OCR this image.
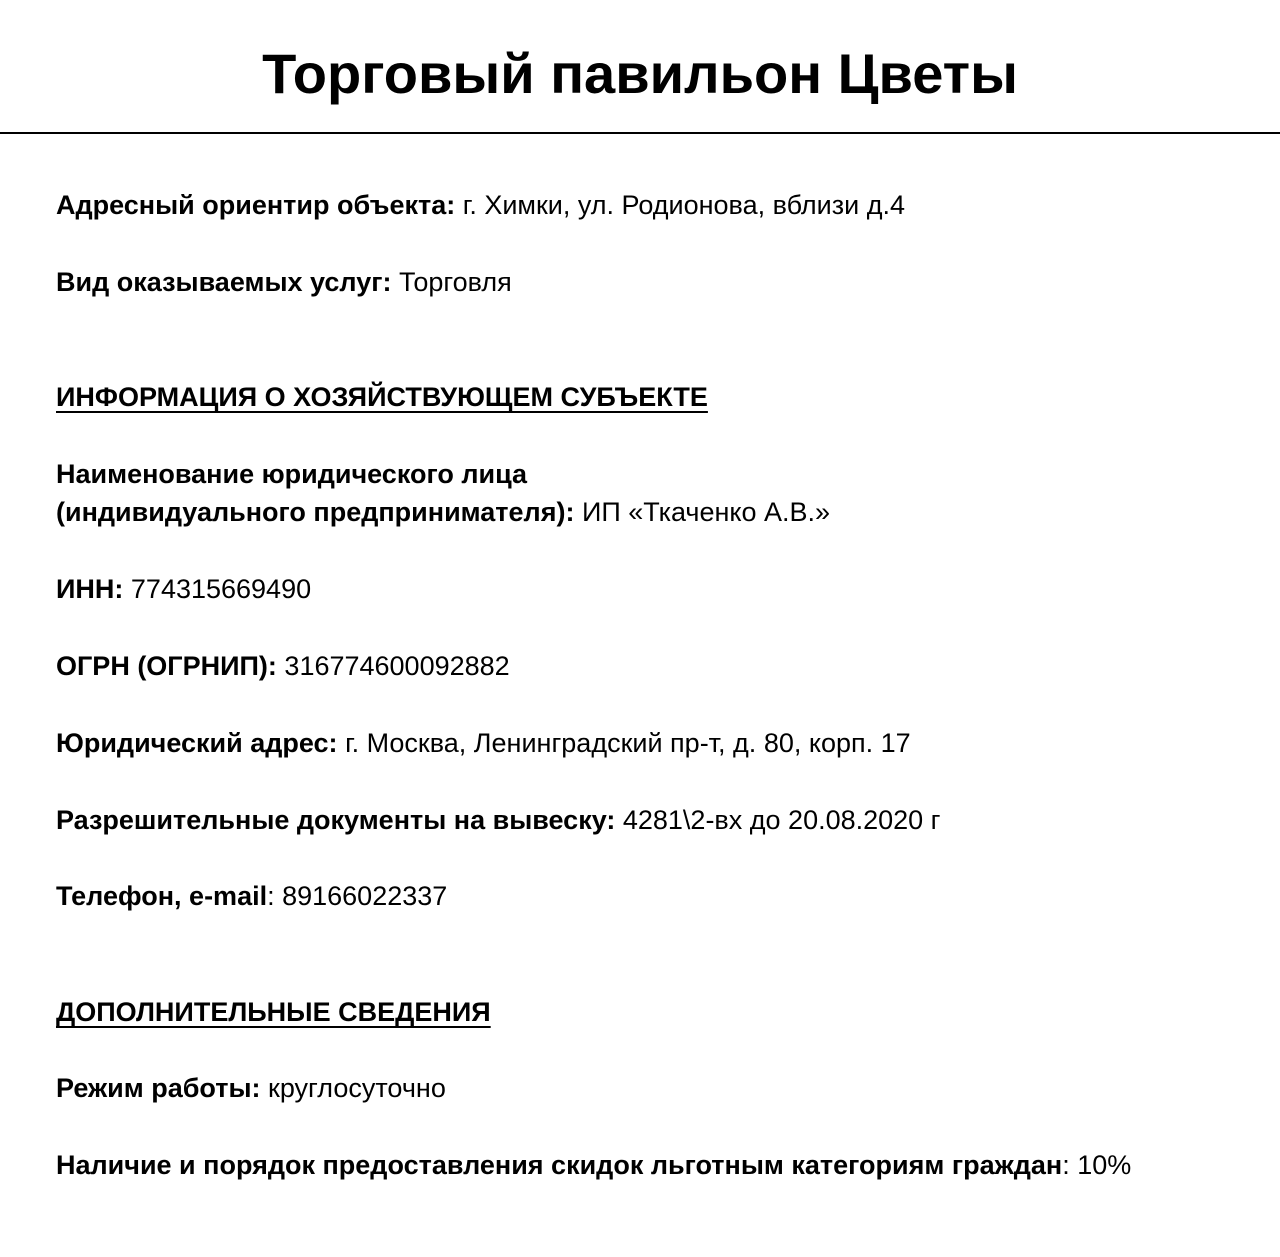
Торговый павильон Цветы
Адресный ориентир объекта: г. Химки, ул. Родионова, вблизи д.4
Вид оказываемых услуг: Торговля
ИНФОРМАЦИЯ О ХОЗЯЙСТВУЮЩЕМ СУБЪЕКТЕ
Наименование юридического лица
(индивидуального предпринимателя): ИП «Ткаченко А.В.»
ИНН: 774315669490
ОГРН (ОГРНИП): 316774600092882
Юридический адрес: г. Москва, Ленинградский пр-т, д. 80, корп. 17
Разрешительные документы на вывеску: 4281\2-вх до 20.08.2020 г
Телефон, e-mail: 89166022337
ДОПОЛНИТЕЛЬНЫЕ СВЕДЕНИЯ
Режим работы: круглосуточно
Наличие и порядок предоставления скидок льготным категориям граждан: 10%
